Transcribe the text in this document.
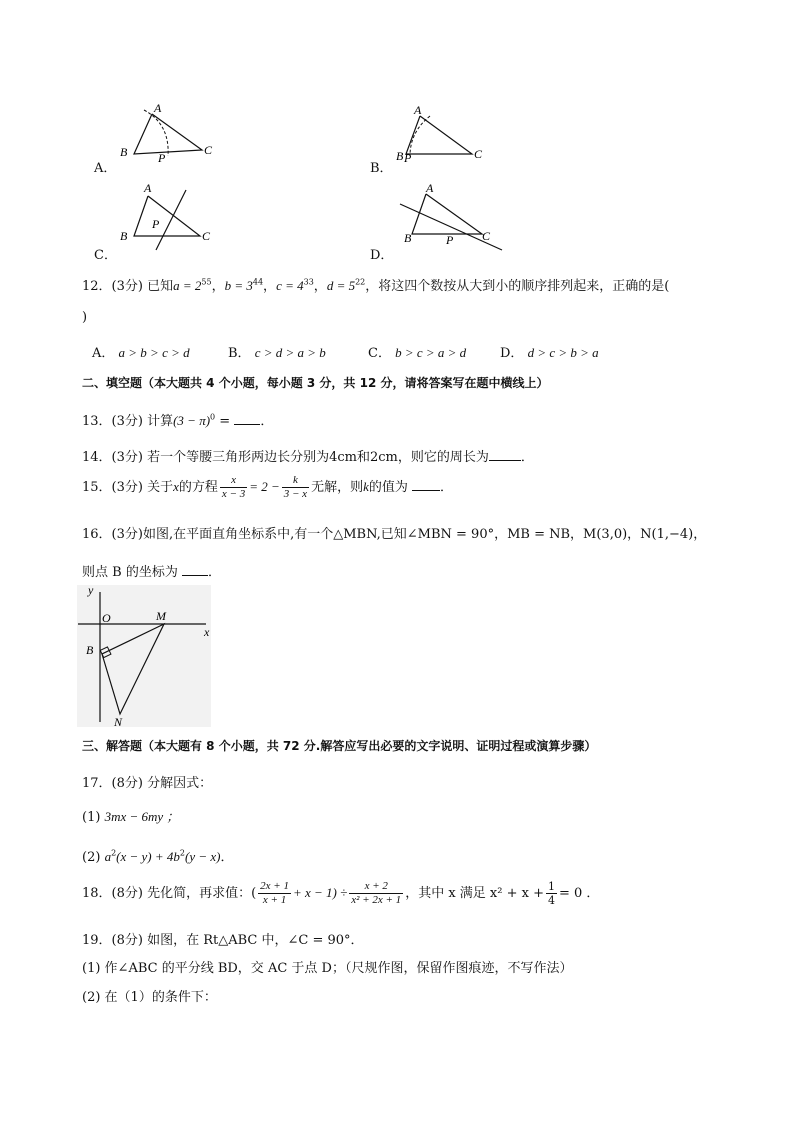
A
B	P
C
A．
A
B P	C
B．
A
B
P
C
C．
A
B	P C
D．
12．(3分) 已知$a = 2^{55}$，$b = 3^{44}$，$c = 4^{33}$，$d = 5^{22}$，将这四个数按从大到小的顺序排列起来，正确的是(
)
A． a > b > c > d	B． c > d > a > b	C． b > c > a > d	D． d > c > b > a
二、填空题（本大题共 4 个小题，每小题 3 分，共 12 分，请将答案写在题中横线上）
13．(3分) 计算$(3 - \pi)^0$ = ．
14．(3分) 若一个等腰三角形两边长分别为4cm和2cm，则它的周长为 ．
15．(3分) 关于x的方程 $\frac{x}{x - 3} = 2 - \frac{k}{3 - x}$ 无解，则k的值为 ．
16．(3分)如图,在平面直角坐标系中,有一个△MBN,已知∠MBN = 90°，MB = NB，M(3,0)，N(1,−4)，
则点 B 的坐标为 ．
y
O	M
x
B
N
三、解答题（本大题有 8 个小题，共 72 分.解答应写出必要的文字说明、证明过程或演算步骤）
17．(8分) 分解因式：
(1) 3mx − 6my ；
(2) $a^2(x - y) + 4b^2(y - x)$．
18．(8分) 先化简，再求值：( $\frac{2x + 1}{x + 1} + x - 1) \div \frac{x + 2}{\text{x² + 2x + 1}}$ ，其中 x 满足 $x^2 + x + \frac{1}{4} = 0$ ．
19．(8分) 如图，在 Rt△ABC 中，∠C = 90°．
(1) 作∠ABC 的平分线 BD，交 AC 于点 D；（尺规作图，保留作图痕迹，不写作法）
(2) 在（1）的条件下：
